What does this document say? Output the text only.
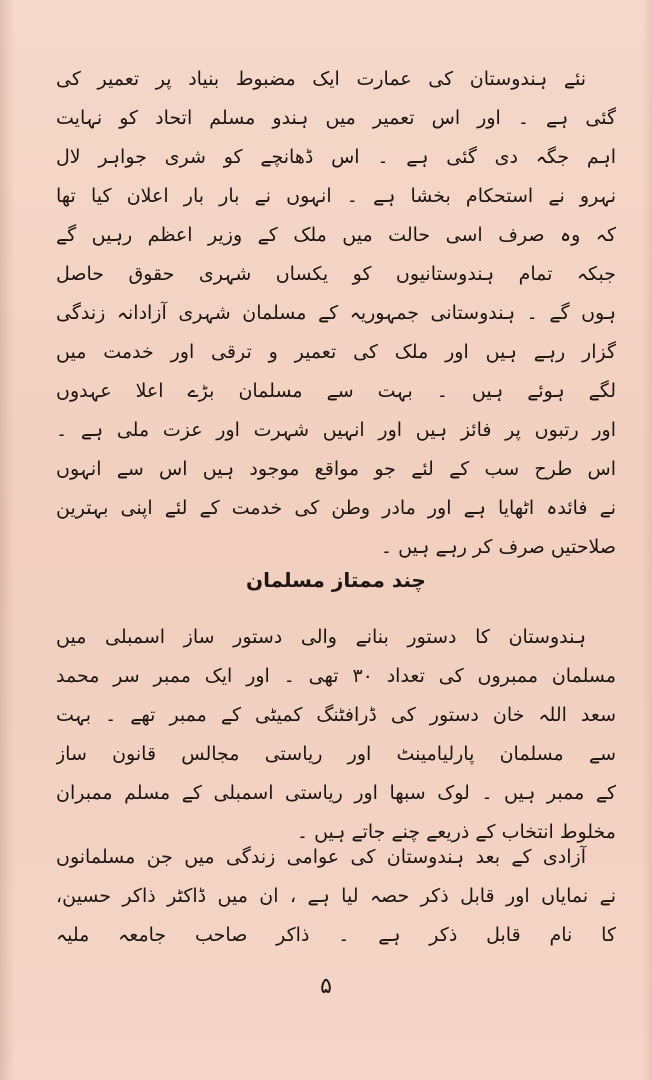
نئے ہندوستان کی عمارت ایک مضبوط بنیاد پر تعمیر کی
گئی ہے ۔ اور اس تعمیر میں ہندو مسلم اتحاد کو نہایت
اہم جگہ دی گئی ہے ۔ اس ڈھانچے کو شری جواہر لال
نہرو نے استحکام بخشا ہے ۔ انہوں نے بار بار اعلان کیا تھا
کہ وہ صرف اسی حالت میں ملک کے وزیر اعظم رہیں گے
جبکہ تمام ہندوستانیوں کو یکساں شہری حقوق حاصل
ہوں گے ۔ ہندوستانی جمہوریہ کے مسلمان شہری آزادانہ زندگی
گزار رہے ہیں اور ملک کی تعمیر و ترقی اور خدمت میں
لگے ہوئے ہیں ۔ بہت سے مسلمان بڑے اعلا عہدوں
اور رتبوں پر فائز ہیں اور انہیں شہرت اور عزت ملی ہے ۔
اس طرح سب کے لئے جو مواقع موجود ہیں اس سے انہوں
نے فائدہ اٹھایا ہے اور مادر وطن کی خدمت کے لئے اپنی بہترین
صلاحتیں صرف کر رہے ہیں ۔
چند ممتاز مسلمان
ہندوستان کا دستور بنانے والی دستور ساز اسمبلی میں
مسلمان ممبروں کی تعداد ۳۰ تھی ۔ اور ایک ممبر سر محمد
سعد اللہ خان دستور کی ڈرافٹنگ کمیٹی کے ممبر تھے ۔ بہت
سے مسلمان پارلیامینٹ اور ریاستی مجالس قانون ساز
کے ممبر ہیں ۔ لوک سبھا اور ریاستی اسمبلی کے مسلم ممبران
مخلوط انتخاب کے ذریعے چنے جاتے ہیں ۔
آزادی کے بعد ہندوستان کی عوامی زندگی میں جن مسلمانوں
نے نمایاں اور قابل ذکر حصہ لیا ہے ، ان میں ڈاکٹر ذاکر حسین،
کا نام قابل ذکر ہے ۔ ذاکر صاحب جامعہ ملیہ
۵
